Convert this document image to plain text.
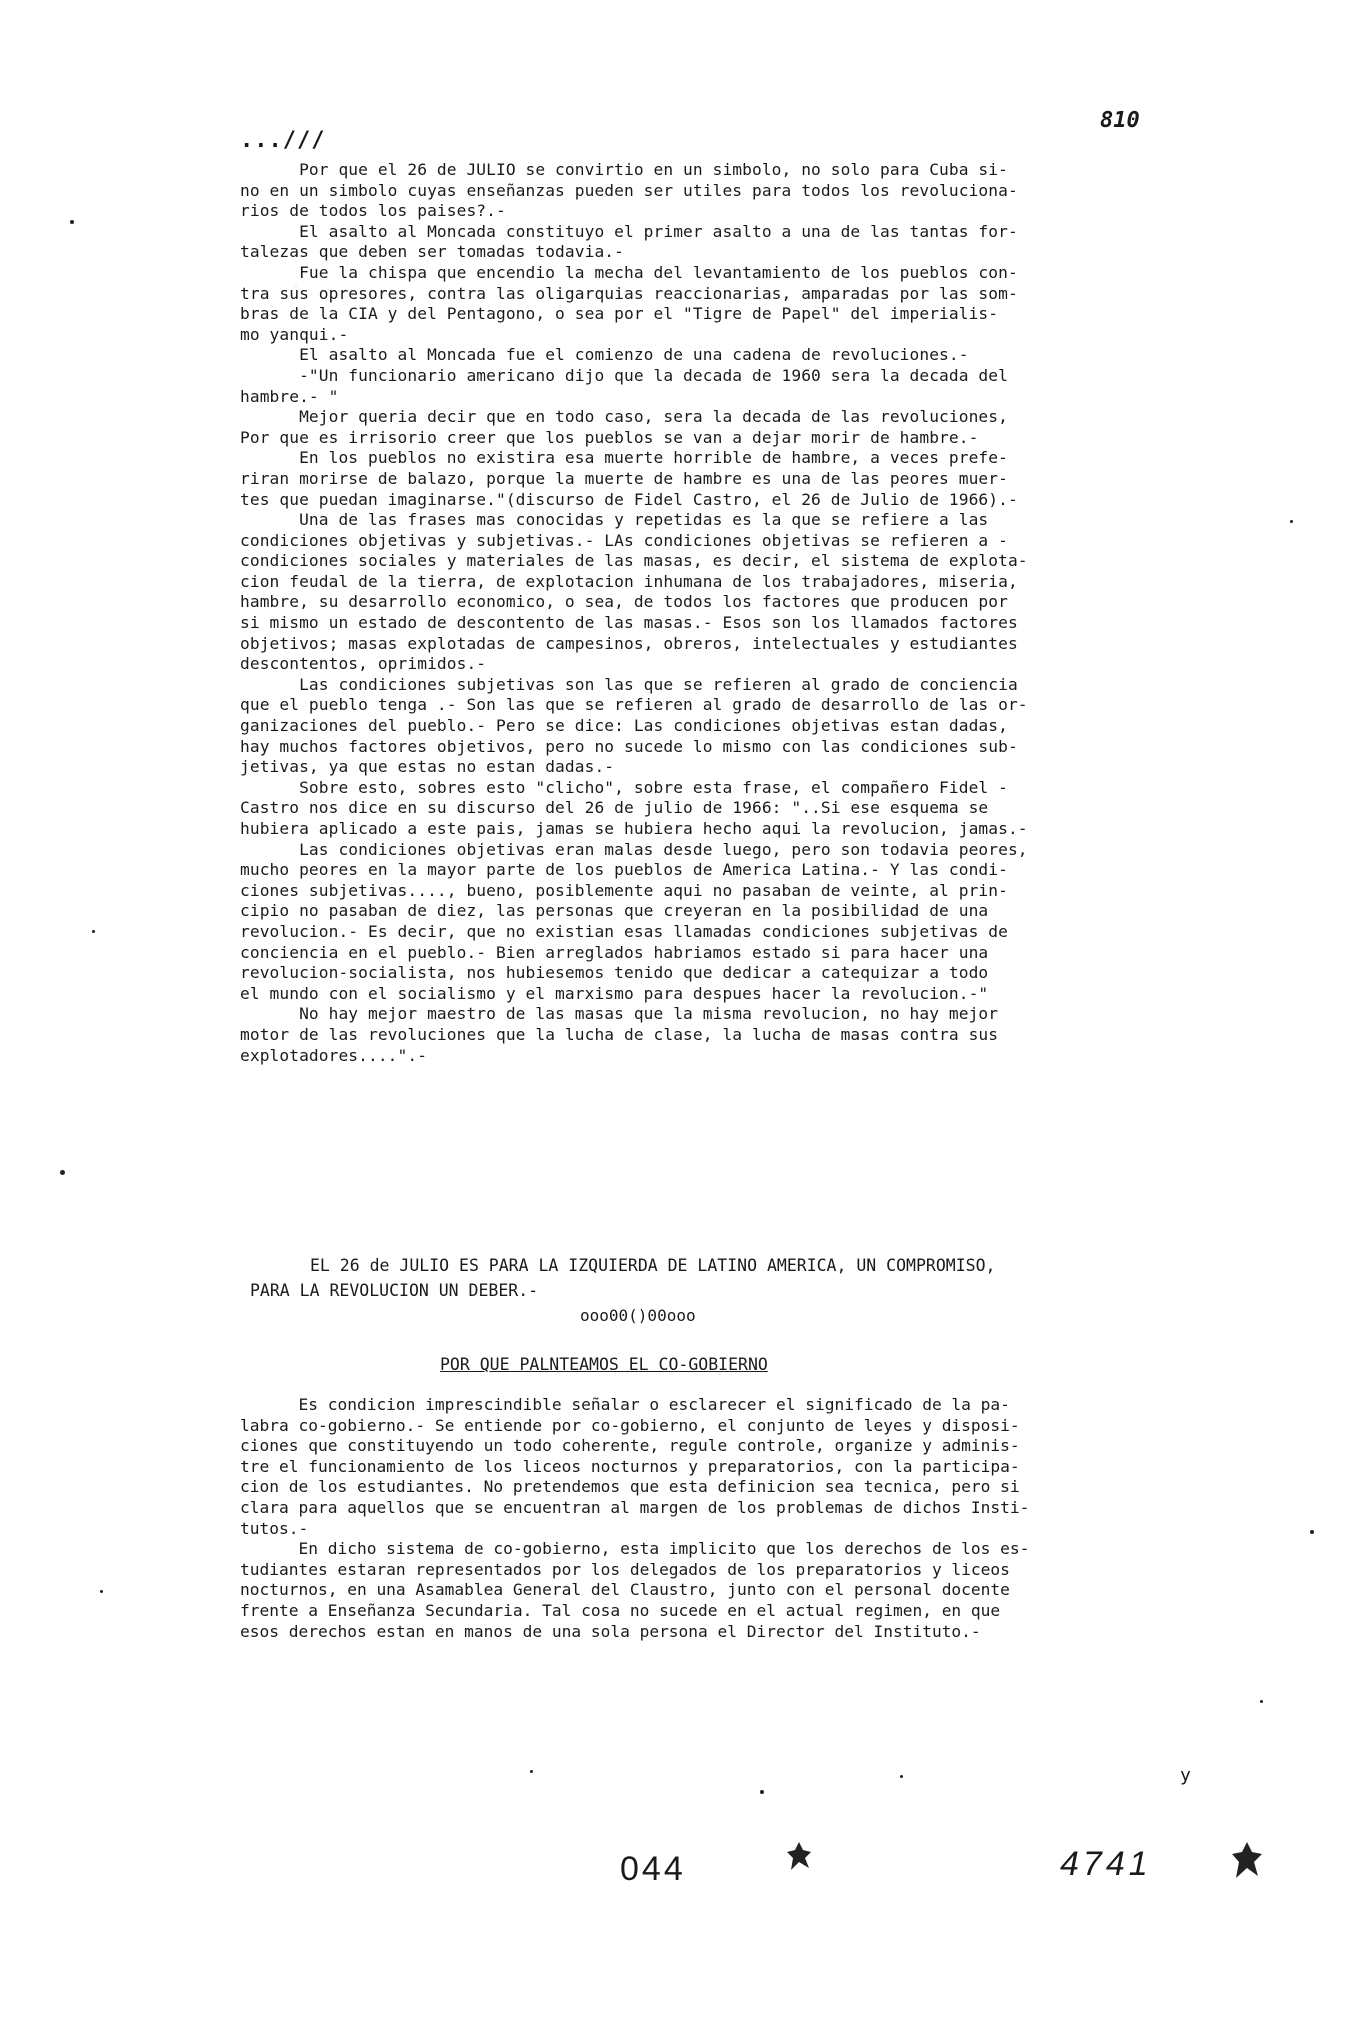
...///
810
Por que el 26 de JULIO se convirtio en un simbolo, no solo para Cuba si-
no en un simbolo cuyas enseñanzas pueden ser utiles para todos los revoluciona-
rios de todos los paises?.-
El asalto al Moncada constituyo el primer asalto a una de las tantas for-
talezas que deben ser tomadas todavia.-
Fue la chispa que encendio la mecha del levantamiento de los pueblos con-
tra sus opresores, contra las oligarquias reaccionarias, amparadas por las som-
bras de la CIA y del Pentagono, o sea por el "Tigre de Papel" del imperialis-
mo yanqui.-
El asalto al Moncada fue el comienzo de una cadena de revoluciones.-
-"Un funcionario americano dijo que la decada de 1960 sera la decada del
hambre.- "
Mejor queria decir que en todo caso, sera la decada de las revoluciones,
Por que es irrisorio creer que los pueblos se van a dejar morir de hambre.-
En los pueblos no existira esa muerte horrible de hambre, a veces prefe-
riran morirse de balazo, porque la muerte de hambre es una de las peores muer-
tes que puedan imaginarse."(discurso de Fidel Castro, el 26 de Julio de 1966).-
Una de las frases mas conocidas y repetidas es la que se refiere a las
condiciones objetivas y subjetivas.- LAs condiciones objetivas se refieren a -
condiciones sociales y materiales de las masas, es decir, el sistema de explota-
cion feudal de la tierra, de explotacion inhumana de los trabajadores, miseria,
hambre, su desarrollo economico, o sea, de todos los factores que producen por
si mismo un estado de descontento de las masas.- Esos son los llamados factores
objetivos; masas explotadas de campesinos, obreros, intelectuales y estudiantes
descontentos, oprimidos.-
Las condiciones subjetivas son las que se refieren al grado de conciencia
que el pueblo tenga .- Son las que se refieren al grado de desarrollo de las or-
ganizaciones del pueblo.- Pero se dice: Las condiciones objetivas estan dadas,
hay muchos factores objetivos, pero no sucede lo mismo con las condiciones sub-
jetivas, ya que estas no estan dadas.-
Sobre esto, sobres esto "clicho", sobre esta frase, el compañero Fidel -
Castro nos dice en su discurso del 26 de julio de 1966: "..Si ese esquema se
hubiera aplicado a este pais, jamas se hubiera hecho aqui la revolucion, jamas.-
Las condiciones objetivas eran malas desde luego, pero son todavia peores,
mucho peores en la mayor parte de los pueblos de America Latina.- Y las condi-
ciones subjetivas...., bueno, posiblemente aqui no pasaban de veinte, al prin-
cipio no pasaban de diez, las personas que creyeran en la posibilidad de una
revolucion.- Es decir, que no existian esas llamadas condiciones subjetivas de
conciencia en el pueblo.- Bien arreglados habriamos estado si para hacer una
revolucion-socialista, nos hubiesemos tenido que dedicar a catequizar a todo
el mundo con el socialismo y el marxismo para despues hacer la revolucion.-"
No hay mejor maestro de las masas que la misma revolucion, no hay mejor
motor de las revoluciones que la lucha de clase, la lucha de masas contra sus
explotadores....".-
EL 26 de JULIO ES PARA LA IZQUIERDA DE LATINO AMERICA, UN COMPROMISO,
PARA LA REVOLUCION UN DEBER.-
ooo00()00ooo
POR QUE PALNTEAMOS EL CO-GOBIERNO
Es condicion imprescindible señalar o esclarecer el significado de la pa-
labra co-gobierno.- Se entiende por co-gobierno, el conjunto de leyes y disposi-
ciones que constituyendo un todo coherente, regule controle, organize y adminis-
tre el funcionamiento de los liceos nocturnos y preparatorios, con la participa-
cion de los estudiantes. No pretendemos que esta definicion sea tecnica, pero si
clara para aquellos que se encuentran al margen de los problemas de dichos Insti-
tutos.-
En dicho sistema de co-gobierno, esta implicito que los derechos de los es-
tudiantes estaran representados por los delegados de los preparatorios y liceos
nocturnos, en una Asamablea General del Claustro, junto con el personal docente
frente a Enseñanza Secundaria. Tal cosa no sucede en el actual regimen, en que
esos derechos estan en manos de una sola persona el Director del Instituto.-
y
044	4741
